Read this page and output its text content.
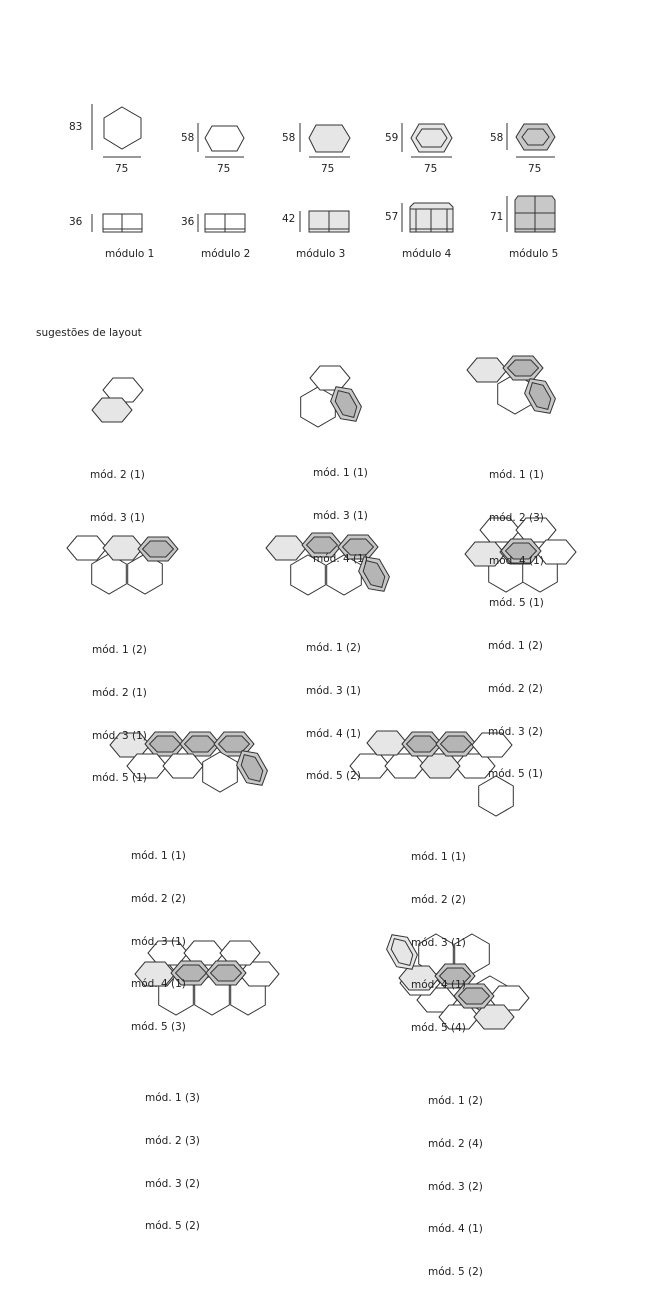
83
58	58	59	58
75	75	75	75	75
36	36	42	57	71
módulo 1	módulo 2	módulo 3	módulo 4	módulo 5
sugestões de layout

mód. 2 (1)

mód. 3 (1)

mód. 1 (1)

mód. 3 (1)

mód. 4 (1)

mód. 1 (1)

mód. 2 (3)

mód. 4 (1)

mód. 5 (1)

mód. 1 (2)

mód. 2 (1)

mód. 3 (1)

mód. 5 (1)

mód. 1 (2)

mód. 3 (1)

mód. 4 (1)

mód. 5 (2)

mód. 1 (2)

mód. 2 (2)

mód. 3 (2)

mód. 5 (1)

mód. 1 (1)

mód. 2 (2)

mód. 3 (1)

mód. 4 (1)

mód. 5 (3)

mód. 1 (1)

mód. 2 (2)

mód. 3 (1)

mód. 4 (1)

mód. 5 (4)

mód. 1 (3)

mód. 2 (3)

mód. 3 (2)

mód. 5 (2)

mód. 1 (2)

mód. 2 (4)

mód. 3 (2)

mód. 4 (1)

mód. 5 (2)
